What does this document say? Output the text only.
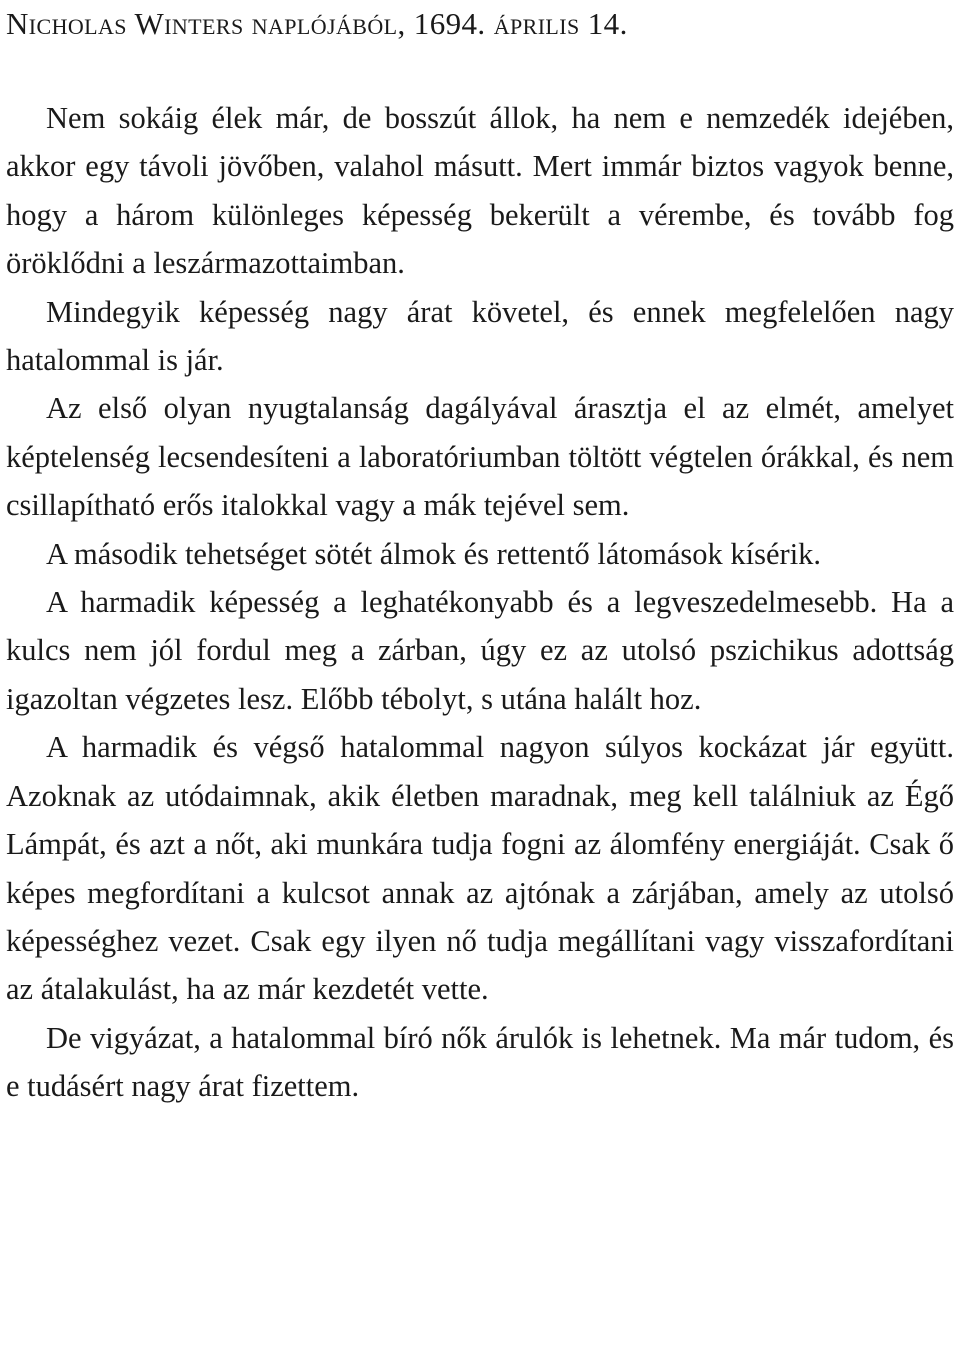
Nicholas Winters naplójából, 1694. április 14.

Nem sokáig élek már, de bosszút állok, ha nem e nemzedék idejében, akkor egy távoli jövőben, valahol másutt. Mert immár biztos vagyok benne, hogy a három különleges képesség bekerült a vérembe, és tovább fog öröklődni a leszármazottaimban.

Mindegyik képesség nagy árat követel, és ennek megfelelően nagy hatalommal is jár.

Az első olyan nyugtalanság dagályával árasztja el az elmét, amelyet képtelenség lecsendesíteni a laboratóriumban töltött végtelen órákkal, és nem csillapítható erős italokkal vagy a mák tejével sem.

A második tehetséget sötét álmok és rettentő látomások kísérik.

A harmadik képesség a leghatékonyabb és a legveszedelmesebb. Ha a kulcs nem jól fordul meg a zárban, úgy ez az utolsó pszichikus adottság igazoltan végzetes lesz. Előbb tébolyt, s utána halált hoz.

A harmadik és végső hatalommal nagyon súlyos kockázat jár együtt. Azoknak az utódaimnak, akik életben maradnak, meg kell találniuk az Égő Lámpát, és azt a nőt, aki munkára tudja fogni az álomfény energiáját. Csak ő képes megfordítani a kulcsot annak az ajtónak a zárjában, amely az utolsó képességhez vezet. Csak egy ilyen nő tudja megállítani vagy visszafordítani az átalakulást, ha az már kezdetét vette.

De vigyázat, a hatalommal bíró nők árulók is lehetnek. Ma már tudom, és e tudásért nagy árat fizettem.
